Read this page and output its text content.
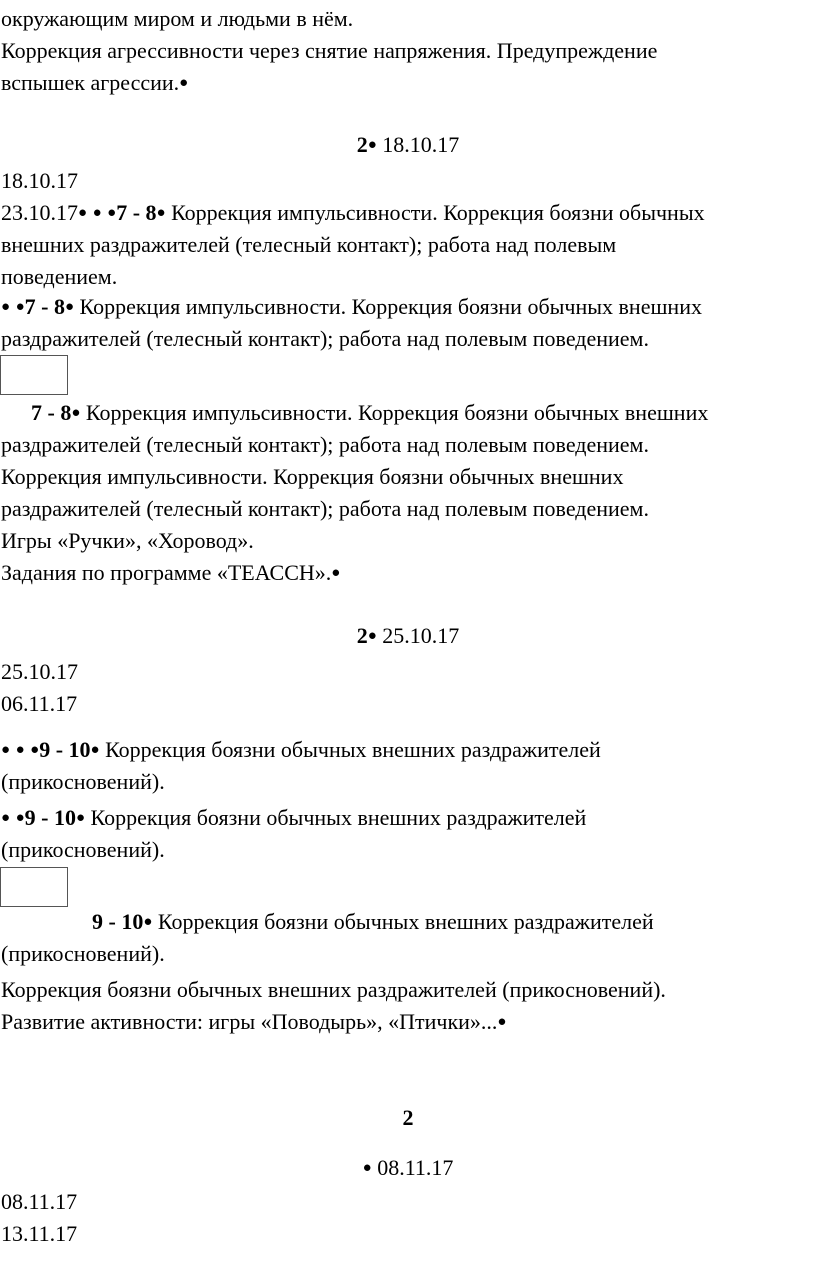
окружающим миром и людьми в нём.
Коррекция агрессивности через снятие напряжения. Предупреждение
вспышек агрессии.●
2● 18.10.17
18.10.17
23.10.17● ● ●7 - 8● Коррекция импульсивности. Коррекция боязни обычных
внешних раздражителей (телесный контакт); работа над полевым
поведением.
● ●7 - 8● Коррекция импульсивности. Коррекция боязни обычных внешних
раздражителей (телесный контакт); работа над полевым поведением.
7 - 8● Коррекция импульсивности. Коррекция боязни обычных внешних
раздражителей (телесный контакт); работа над полевым поведением.
Коррекция импульсивности. Коррекция боязни обычных внешних
раздражителей (телесный контакт); работа над полевым поведением.
Игры «Ручки», «Хоровод».
Задания по программе «ТЕАССН».●
2● 25.10.17
25.10.17
06.11.17
● ● ●9 - 10● Коррекция боязни обычных внешних раздражителей
(прикосновений).
● ●9 - 10● Коррекция боязни обычных внешних раздражителей
(прикосновений).
9 - 10● Коррекция боязни обычных внешних раздражителей
(прикосновений).
Коррекция боязни обычных внешних раздражителей (прикосновений).
Развитие активности: игры «Поводырь», «Птички»...●
2
● 08.11.17
08.11.17
13.11.17
